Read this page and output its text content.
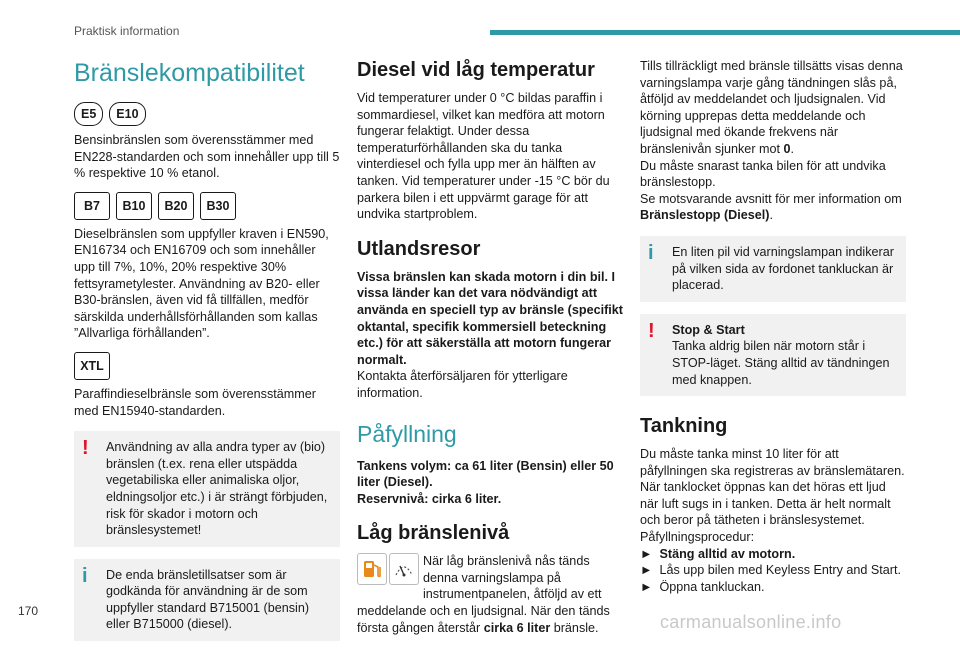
Praktisk information
Bränslekompatibilitet
E5	E10

Bensinbränslen som överensstämmer med EN228-standarden och som innehåller upp till 5 % respektive 10 % etanol.

B7	B10	B20	B30

Dieselbränslen som uppfyller kraven i EN590, EN16734 och EN16709 och som innehåller upp till 7%, 10%, 20% respektive 30% fettsyrametylester. Användning av B20- eller B30-bränslen, även vid få tillfällen, medför särskilda underhållsförhållanden som kallas ”Allvarliga förhållanden”.

XTL

Paraffindieselbränsle som överensstämmer med EN15940-standarden.

!	Användning av alla andra typer av (bio) bränslen (t.ex. rena eller utspädda vegetabiliska eller animaliska oljor, eldningsoljor etc.) i är strängt förbjuden, risk för skador i motorn och bränslesystemet!

i	De enda bränsletillsatser som är godkända för användning är de som uppfyller standard B715001 (bensin) eller B715000 (diesel).

Diesel vid låg temperatur

Vid temperaturer under 0 °C bildas paraffin i sommardiesel, vilket kan medföra att motorn fungerar felaktigt. Under dessa temperaturförhållanden ska du tanka vinterdiesel och fylla upp mer än hälften av tanken. Vid temperaturer under -15 °C bör du parkera bilen i ett uppvärmt garage för att undvika startproblem.

Utlandsresor

Vissa bränslen kan skada motorn i din bil. I vissa länder kan det vara nödvändigt att använda en speciell typ av bränsle (specifikt oktantal, specifik kommersiell beteckning etc.) för att säkerställa att motorn fungerar normalt.

Kontakta återförsäljaren för ytterligare information.

Påfyllning

Tankens volym: ca 61 liter (Bensin) eller 50 liter (Diesel).

Reservnivå: cirka 6 liter.

Låg bränslenivå
När låg bränslenivå nås tänds denna varningslampa på instrumentpanelen, åtföljd av ett meddelande och en ljudsignal. När den tänds första gången återstår cirka 6 liter bränsle.

Tills tillräckligt med bränsle tillsätts visas denna varningslampa varje gång tändningen slås på, åtföljd av meddelandet och ljudsignalen. Vid körning upprepas detta meddelande och ljudsignal med ökande frekvens när bränslenivån sjunker mot 0.

Du måste snarast tanka bilen för att undvika bränslestopp.

Se motsvarande avsnitt för mer information om Bränslestopp (Diesel).

i	En liten pil vid varningslampan indikerar på vilken sida av fordonet tankluckan är placerad.

!	Stop & Start

Tanka aldrig bilen när motorn står i STOP-läget. Stäng alltid av tändningen med knappen.

Tankning

Du måste tanka minst 10 liter för att påfyllningen ska registreras av bränslemätaren. När tanklocket öppnas kan det höras ett ljud när luft sugs in i tanken. Detta är helt normalt och beror på tätheten i bränslesystemet.

Påfyllningsprocedur:

► Stäng alltid av motorn.

► Lås upp bilen med Keyless Entry and Start.

► Öppna tankluckan.

170
carmanualsonline.info
